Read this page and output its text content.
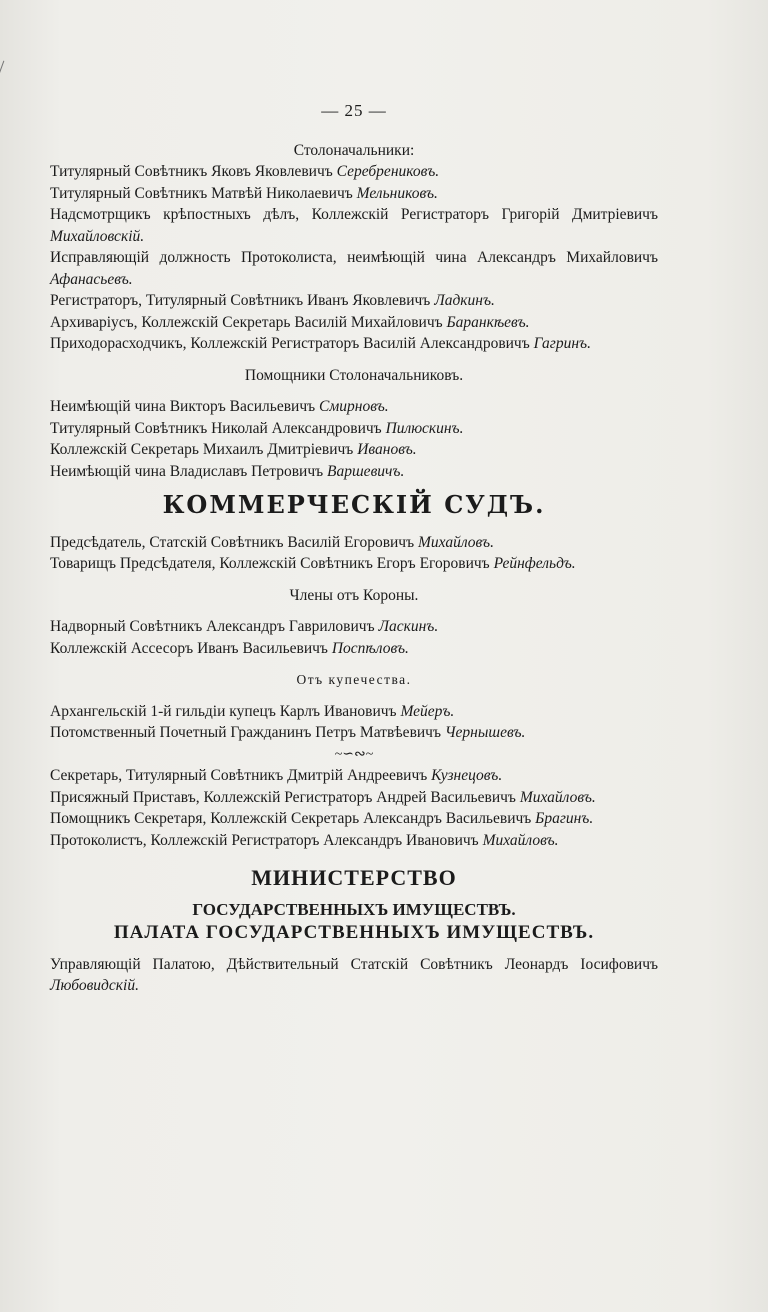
— 25 —
Столоначальники:

Титулярный Совѣтникъ Яковъ Яковлевичъ Серебрениковъ.

Титулярный Совѣтникъ Матвѣй Николаевичъ Мельниковъ.

Надсмотрщикъ крѣпостныхъ дѣлъ, Коллежскій Регистраторъ Григорій Дмитріевичъ Михайловскій.

Исправляющій должность Протоколиста, неимѣющій чина Александръ Михайловичъ Афанасьевъ.

Регистраторъ, Титулярный Совѣтникъ Иванъ Яковлевичъ Ладкинъ.

Архиваріусъ, Коллежскій Секретарь Василій Михайловичъ Баранкѣевъ.

Приходорасходчикъ, Коллежскій Регистраторъ Василій Александровичъ Гагринъ.

Помощники Столоначальниковъ.

Неимѣющій чина Викторъ Васильевичъ Смирновъ.

Титулярный Совѣтникъ Николай Александровичъ Пилюскинъ.

Коллежскій Секретарь Михаилъ Дмитріевичъ Ивановъ.

Неимѣющій чина Владиславъ Петровичъ Варшевичъ.

КОММЕРЧЕСКІЙ СУДЪ.

Предсѣдатель, Статскій Совѣтникъ Василій Егоровичъ Михайловъ.

Товарищъ Предсѣдателя, Коллежскій Совѣтникъ Егоръ Егоровичъ Рейнфельдъ.

Члены отъ Короны.

Надворный Совѣтникъ Александръ Гавриловичъ Ласкинъ.

Коллежскій Ассесоръ Иванъ Васильевичъ Поспѣловъ.

Отъ купечества.

Архангельскій 1-й гильдіи купецъ Карлъ Ивановичъ Мейеръ.

Потомственный Почетный Гражданинъ Петръ Матвѣевичъ Чернышевъ.

~∽∾~

Секретарь, Титулярный Совѣтникъ Дмитрій Андреевичъ Кузнецовъ.

Присяжный Приставъ, Коллежскій Регистраторъ Андрей Васильевичъ Михайловъ.

Помощникъ Секретаря, Коллежскій Секретарь Александръ Васильевичъ Брагинъ.

Протоколистъ, Коллежскій Регистраторъ Александръ Ивановичъ Михайловъ.

МИНИСТЕРСТВО
ГОСУДАРСТВЕННЫХЪ ИМУЩЕСТВЪ.
ПАЛАТА ГОСУДАРСТВЕННЫХЪ ИМУЩЕСТВЪ.

Управляющій Палатою, Дѣйствительный Статскій Совѣтникъ Леонардъ Іосифовичъ Любовидскій.
